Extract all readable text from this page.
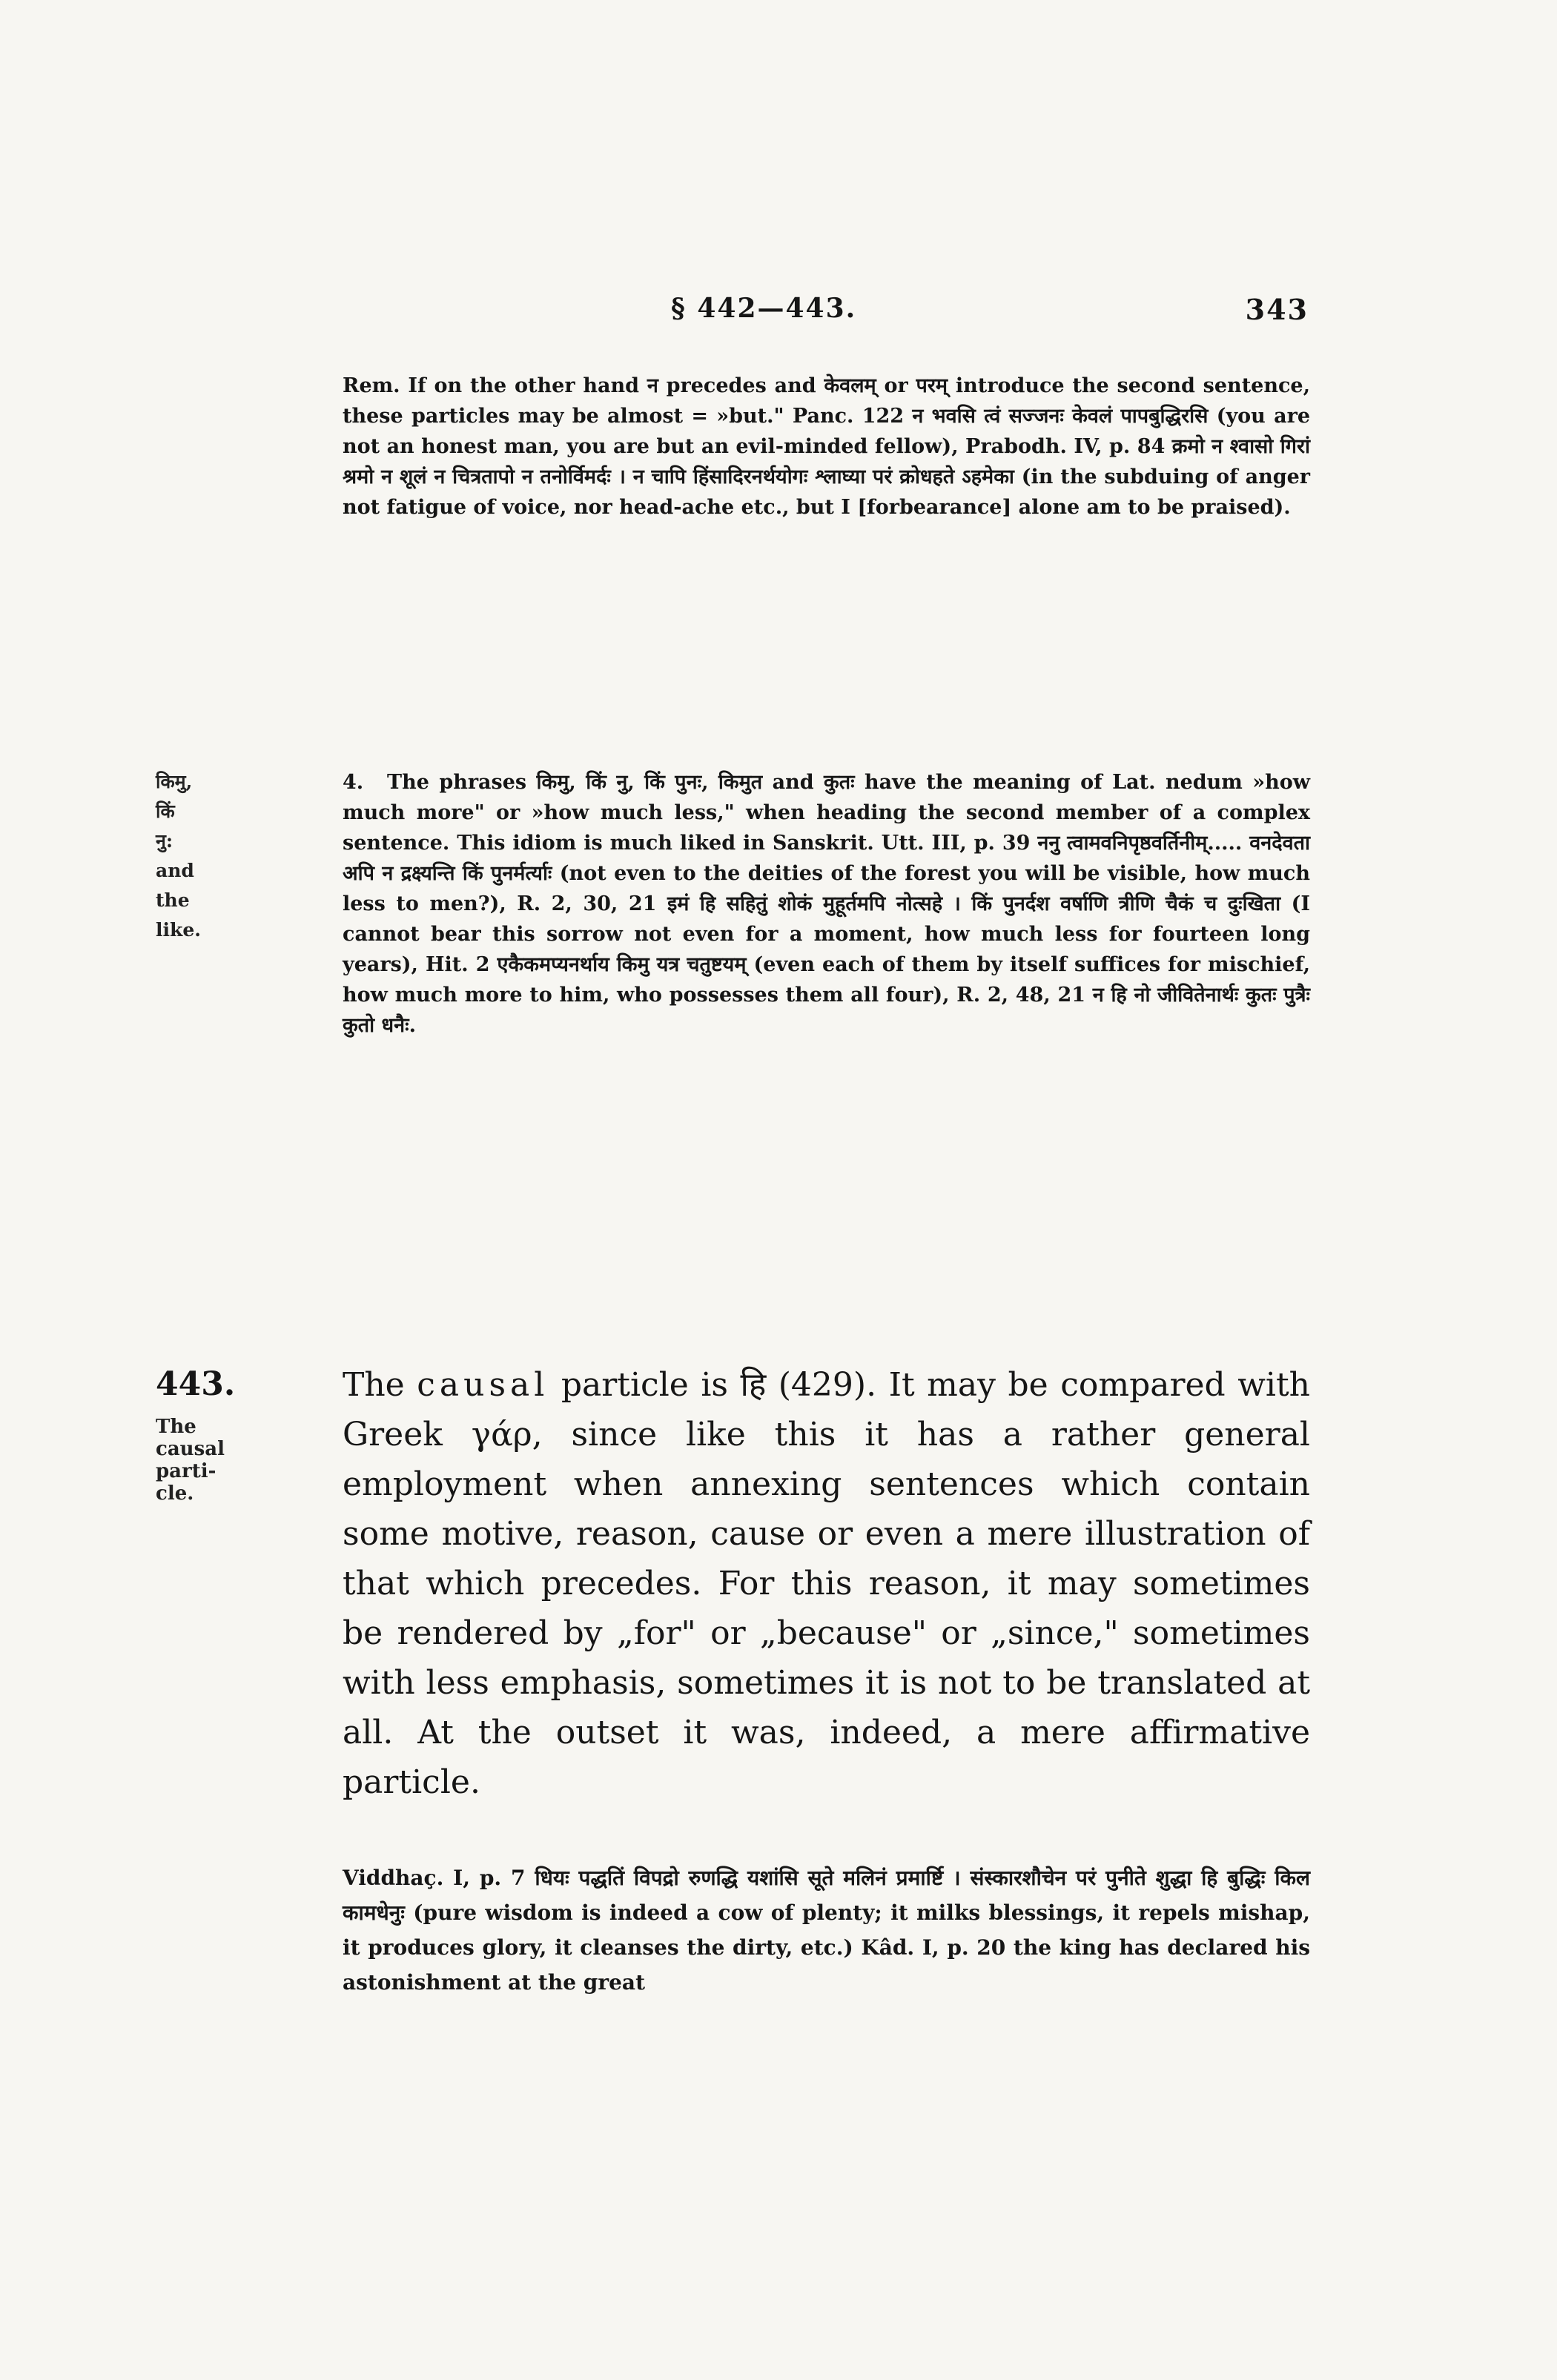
§ 442—443.	343

Rem. If on the other hand न precedes and केवलम् or परम् introduce the second sentence, these particles may be almost = »but." Panc. 122 न भवसि त्वं सज्जनः केवलं पापबुद्धिरसि (you are not an honest man, you are but an evil-minded fellow), Prabodh. IV, p. 84 क्रमो न श्वासो गिरां श्रमो न शूलं न चित्रतापो न तनोर्विमर्दः । न चापि हिंसादिरनर्थयोगः श्लाघ्या परं क्रोधहते ऽहमेका (in the subduing of anger not fatigue of voice, nor head-ache etc., but I [forbearance] alone am to be praised).

किमु,
किं
नु:
and
the
like.

4. The phrases किमु, किं नु, किं पुनः, किमुत and कुतः have the meaning of Lat. nedum »how much more" or »how much less," when heading the second member of a complex sentence. This idiom is much liked in Sanskrit. Utt. III, p. 39 ननु त्वामवनिपृष्ठवर्तिनीम्..... वनदेवता अपि न द्रक्ष्यन्ति किं पुनर्मर्त्याः (not even to the deities of the forest you will be visible, how much less to men?), R. 2, 30, 21 इमं हि सहितुं शोकं मुहूर्तमपि नोत्सहे । किं पुनर्दश वर्षाणि त्रीणि चैकं च दुःखिता (I cannot bear this sorrow not even for a moment, how much less for fourteen long years), Hit. 2 एकैकमप्यनर्थाय किमु यत्र चतुष्टयम् (even each of them by itself suffices for mischief, how much more to him, who possesses them all four), R. 2, 48, 21 न हि नो जीवितेनार्थः कुतः पुत्रैः कुतो धनैः.

443.
The
causal
parti-
cle.

The causal particle is हि (429). It may be compared with Greek γάρ, since like this it has a rather general employment when annexing sentences which contain some motive, reason, cause or even a mere illustration of that which precedes. For this reason, it may sometimes be rendered by „for" or „because" or „since," sometimes with less emphasis, sometimes it is not to be translated at all. At the outset it was, indeed, a mere affirmative particle.

Viddhaç. I, p. 7 धियः पद्धतिं विपद्रो रुणद्धि यशांसि सूते मलिनं प्रमार्ष्टि । संस्कारशौचेन परं पुनीते शुद्धा हि बुद्धिः किल कामधेनुः (pure wisdom is indeed a cow of plenty; it milks blessings, it repels mishap, it produces glory, it cleanses the dirty, etc.) Kâd. I, p. 20 the king has declared his astonishment at the great
